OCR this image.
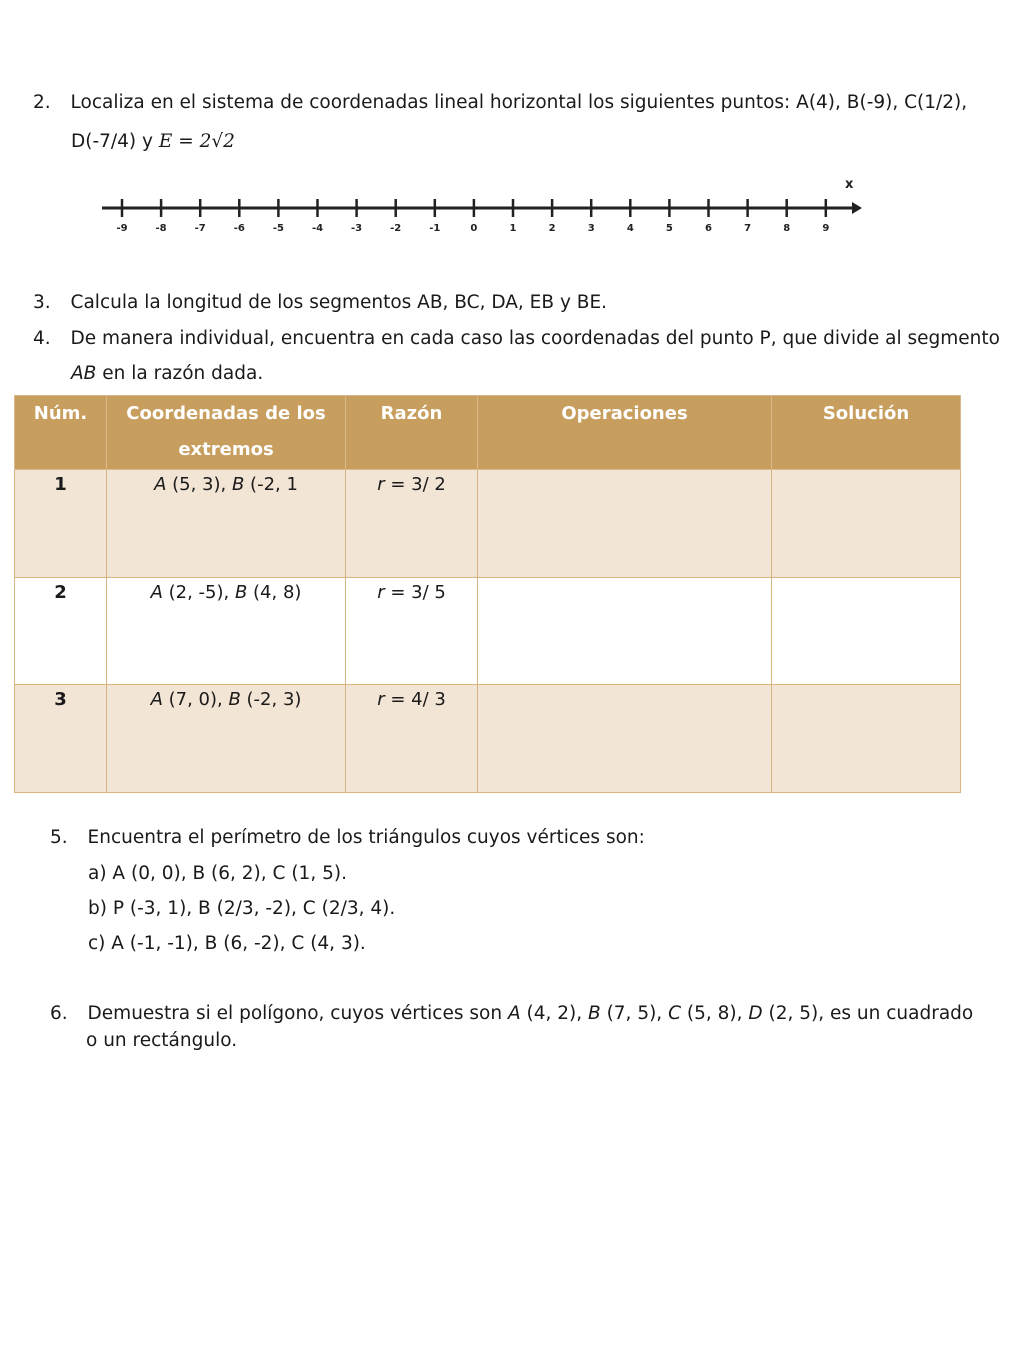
2. Localiza en el sistema de coordenadas lineal horizontal los siguientes puntos: A(4), B(-9), C(1/2),
D(-7/4) y E = 2√2
x
-9	-8	-7	-6	-5	-4	-3	-2	-1	0	1	2	3	4	5	6	7	8	9
3. Calcula la longitud de los segmentos AB, BC, DA, EB y BE.
4. De manera individual, encuentra en cada caso las coordenadas del punto P, que divide al segmento
AB en la razón dada.
Núm.	Coordenadas de los
extremos	Razón	Operaciones	Solución
1	A (5, 3), B (-2, 1	r = 3/ 2		
2	A (2, -5), B (4, 8)	r = 3/ 5		
3	A (7, 0), B (-2, 3)	r = 4/ 3		
5. Encuentra el perímetro de los triángulos cuyos vértices son:
a) A (0, 0), B (6, 2), C (1, 5).
b) P (-3, 1), B (2/3, -2), C (2/3, 4).
c) A (-1, -1), B (6, -2), C (4, 3).
6. Demuestra si el polígono, cuyos vértices son A (4, 2), B (7, 5), C (5, 8), D (2, 5), es un cuadrado
o un rectángulo.
